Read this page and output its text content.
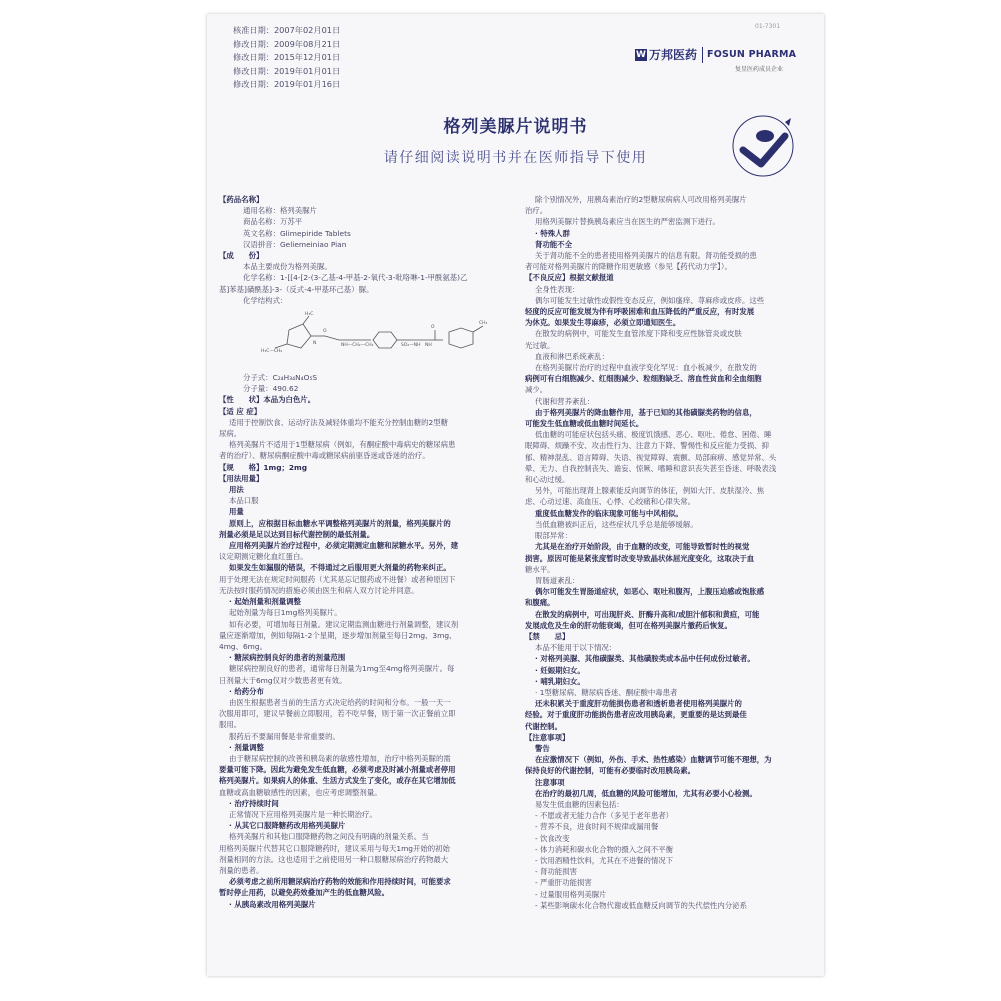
核准日期：2007年02月01日
修改日期：2009年08月21日
修改日期：2015年12月01日
修改日期：2019年01月01日
修改日期：2019年01月16日
01-7301
W 万邦医药 FOSUN PHARMA
复星医药成员企业
格列美脲片说明书
请仔细阅读说明书并在医师指导下使用

【药品名称】

通用名称：格列美脲片

商品名称：万苏平

英文名称：Glimepiride Tablets

汉语拼音：Geliemeiniao Pian

【成　　份】

本品主要成份为格列美脲。

化学名称：1-[[4-[2-(3-乙基-4-甲基-2-氧代-3-吡咯啉-1-甲酰氨基)乙

基]苯基]磺酰基]-3-（反式-4-甲基环己基）脲。

化学结构式：

H₃C
H₃C—CH₂
N
O
NH—CH₂—CH₂	SO₂—NH
O
NH
CH₃

分子式：C₂₄H₃₄N₄O₅S

分子量：490.62

【性　　状】本品为白色片。

【适 应 症】

适用于控制饮食、运动疗法及减轻体重均不能充分控制血糖的2型糖

尿病。

格列美脲片不适用于1型糖尿病（例如，有酮症酸中毒病史的糖尿病患

者的治疗）、糖尿病酮症酸中毒或糖尿病前驱昏迷或昏迷的治疗。

【规　　格】1mg；2mg

【用法用量】

用法

本品口服

用量

原则上，应根据目标血糖水平调整格列美脲片的剂量，格列美脲片的

剂量必须是足以达到目标代谢控制的最低剂量。

应用格列美脲片治疗过程中，必须定期测定血糖和尿糖水平。另外，建

议定期测定糖化血红蛋白。

如果发生如漏服的错误，不得通过之后服用更大剂量的药物来纠正。

用于处理无法在规定时间服药（尤其是忘记服药或不进餐）或者种原因下

无法按时服药情况的措施必须由医生和病人双方讨论并同意。

· 起始剂量和剂量调整

起始剂量为每日1mg格列美脲片。

如有必要，可增加每日剂量。建议定期监测血糖进行剂量调整，建议剂

量应逐渐增加，例如每隔1-2个星期，逐步增加剂量至每日2mg、3mg、

4mg、6mg。

· 糖尿病控制良好的患者的剂量范围

糖尿病控制良好的患者，通常每日剂量为1mg至4mg格列美脲片。每

日剂量大于6mg仅对少数患者更有效。

· 给药分布

由医生根据患者当前的生活方式决定给药的时间和分布。一般一天一

次服用即可，建议早餐前立即服用，若不吃早餐，则于第一次正餐前立即

服用。

服药后不要漏用餐是非常重要的。

· 剂量调整

由于糖尿病控制的改善和胰岛素的敏感性增加，治疗中格列美脲的需

要量可能下降。因此为避免发生低血糖，必须考虑及时减小剂量或者停用

格列美脲片。如果病人的体重、生活方式发生了变化，或存在其它增加低

血糖或高血糖敏感性的因素，也应考虑调整剂量。

· 治疗持续时间

正常情况下应用格列美脲片是一种长期治疗。

· 从其它口服降糖药改用格列美脲片

格列美脲片和其他口服降糖药物之间没有明确的剂量关系。当

用格列美脲片代替其它口服降糖药时，建议采用与每天1mg开始的初始

剂量相同的方法。这也适用于之前使用另一种口服糖尿病治疗药物最大

剂量的患者。

必须考虑之前所用糖尿病治疗药物的效能和作用持续时间，可能要求

暂时停止用药，以避免药效叠加产生的低血糖风险。

· 从胰岛素改用格列美脲片

除个别情况外，用胰岛素治疗的2型糖尿病病人可改用格列美脲片

治疗。

用格列美脲片替换胰岛素应当在医生的严密监测下进行。

· 特殊人群

肾功能不全

关于肾功能不全的患者使用格列美脲片的信息有限。肾功能受损的患

者可能对格列美脲片的降糖作用更敏感（参见【药代动力学】）。

【不良反应】根据文献报道

全身性表现：

偶尔可能发生过敏性或假性变态反应，例如瘙痒、荨麻疹或皮疹。这些

轻度的反应可能发展为伴有呼吸困难和血压降低的严重反应，有时发展

为休克。如果发生荨麻疹，必须立即通知医生。

在散发的病例中，可能发生血管浓度下降和变应性脉管炎或皮肤

光过敏。

血液和淋巴系统紊乱：

在格列美脲片治疗的过程中血液学变化罕见：血小板减少，在散发的

病例可有白细胞减少、红细胞减少、粒细胞缺乏、溶血性贫血和全血细胞

减少。

代谢和营养紊乱：

由于格列美脲片的降血糖作用，基于已知的其他磺脲类药物的信息，

可能发生低血糖或低血糖时间延长。

低血糖的可能症状包括头痛、极度饥饿感、恶心、呕吐、倦怠、困倦、睡

眠障碍、烦躁不安、攻击性行为、注意力下降、警惕性和反应能力受损、抑

郁、精神混乱、语言障碍、失语、视觉障碍、震颤、局部麻痹、感觉异常、头

晕、无力、自我控制丧失、谵妄、惊厥、嗜睡和意识丧失甚至昏迷、呼吸表浅

和心动过缓。

另外，可能出现肾上腺素能反向调节的体征，例如大汗、皮肤湿冷、焦

虑、心动过速、高血压、心悸、心绞痛和心律失常。

重度低血糖发作的临床现象可能与中风相似。

当低血糖被纠正后，这些症状几乎总是能够缓解。

眼部异常：

尤其是在治疗开始阶段，由于血糖的改变，可能导致暂时性的视觉

损害。原因可能是紧张度暂时改变导致晶状体屈光度变化，这取决于血

糖水平。

胃肠道紊乱：

偶尔可能发生胃肠道症状，如恶心、呕吐和腹泻，上腹压迫感或饱胀感

和腹痛。

在散发的病例中，可出现肝炎、肝酶升高和/或胆汁郁积和黄疸，可能

发展成危及生命的肝功能衰竭，但可在格列美脲片撤药后恢复。

【禁　　忌】

本品不能用于以下情况：

· 对格列美脲、其他磺脲类、其他磺胺类或本品中任何成份过敏者。

· 妊娠期妇女。

· 哺乳期妇女。

· 1型糖尿病、糖尿病昏迷、酮症酸中毒患者

还未积累关于重度肝功能损伤患者和透析患者使用格列美脲片的

经验。对于重度肝功能损伤患者应改用胰岛素，更重要的是达到最佳

代谢控制。

【注意事项】

警告

在应激情况下（例如，外伤、手术、热性感染）血糖调节可能不理想，为

保持良好的代谢控制，可能有必要临时改用胰岛素。

注意事项

在治疗的最初几周，低血糖的风险可能增加，尤其有必要小心检测。

易发生低血糖的因素包括：

- 不愿或者无能力合作（多见于老年患者）

- 营养不良，进食时间不规律或漏用餐

- 饮食改变

- 体力消耗和碳水化合物的摄入之间不平衡

- 饮用酒精性饮料，尤其在不进餐的情况下

- 肾功能损害

- 严重肝功能损害

- 过量服用格列美脲片

- 某些影响碳水化合物代谢或低血糖反向调节的失代偿性内分泌系
